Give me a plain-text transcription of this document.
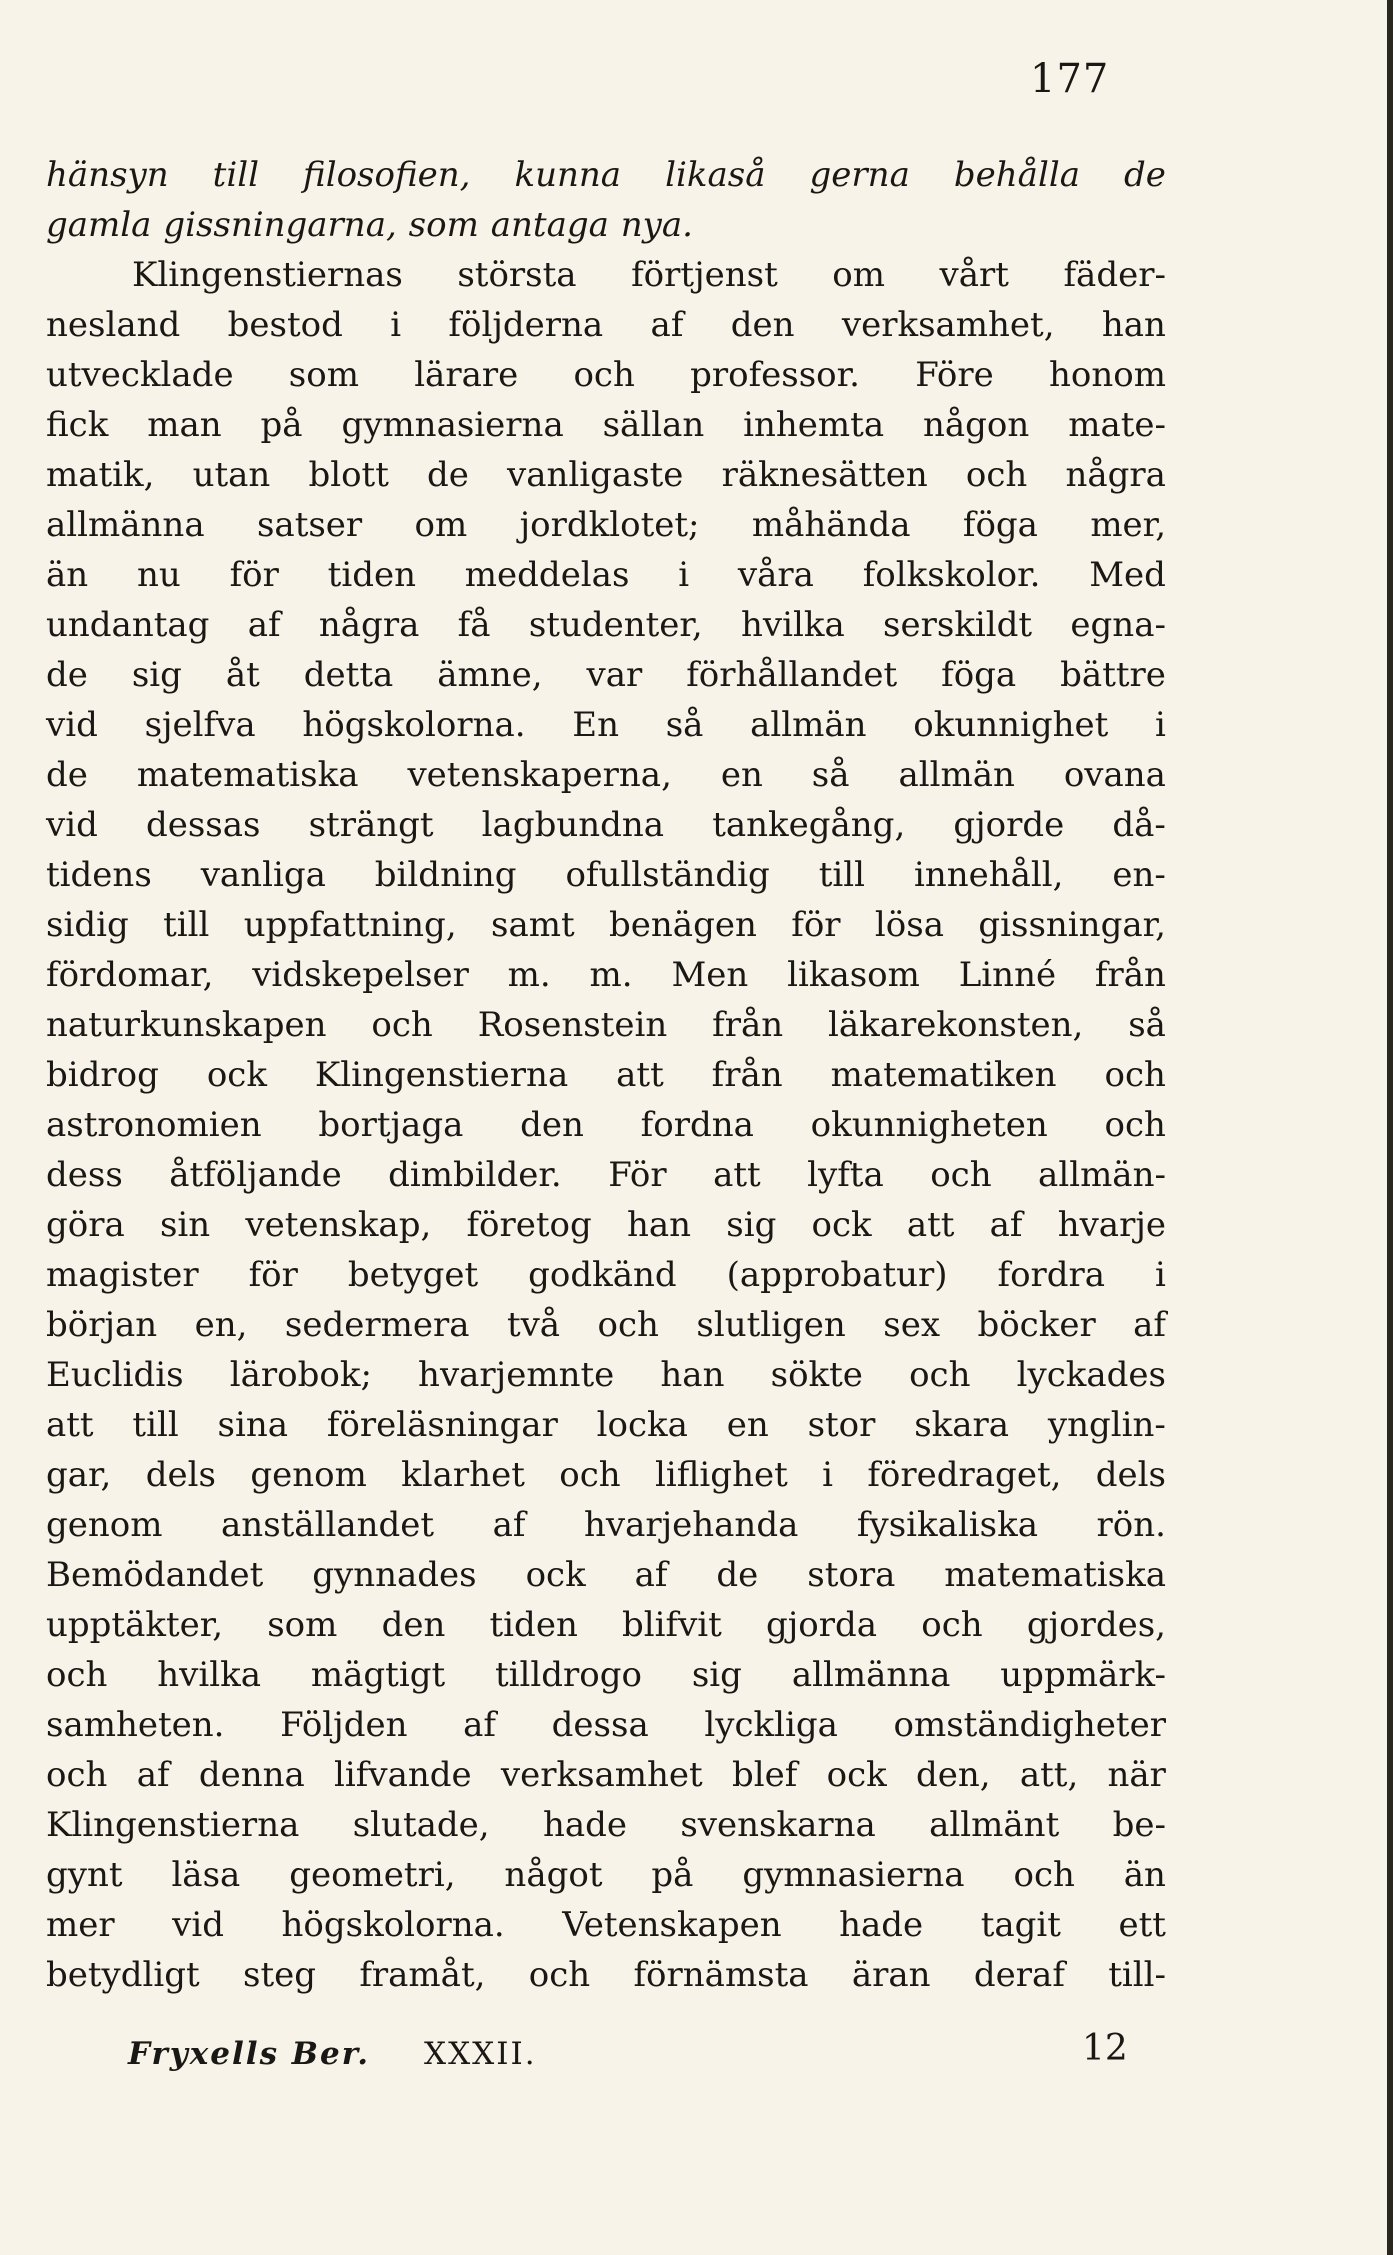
177
hänsyn till filosofien, kunna likaså gerna behålla de
gamla gissningarna, som antaga nya.
Klingenstiernas största förtjenst om vårt fäder-
nesland bestod i följderna af den verksamhet, han
utvecklade som lärare och professor. Före honom
fick man på gymnasierna sällan inhemta någon mate-
matik, utan blott de vanligaste räknesätten och några
allmänna satser om jordklotet; måhända föga mer,
än nu för tiden meddelas i våra folkskolor. Med
undantag af några få studenter, hvilka serskildt egna-
de sig åt detta ämne, var förhållandet föga bättre
vid sjelfva högskolorna. En så allmän okunnighet i
de matematiska vetenskaperna, en så allmän ovana
vid dessas strängt lagbundna tankegång, gjorde då-
tidens vanliga bildning ofullständig till innehåll, en-
sidig till uppfattning, samt benägen för lösa gissningar,
fördomar, vidskepelser m. m. Men likasom Linné från
naturkunskapen och Rosenstein från läkarekonsten, så
bidrog ock Klingenstierna att från matematiken och
astronomien bortjaga den fordna okunnigheten och
dess åtföljande dimbilder. För att lyfta och allmän-
göra sin vetenskap, företog han sig ock att af hvarje
magister för betyget godkänd (approbatur) fordra i
början en, sedermera två och slutligen sex böcker af
Euclidis lärobok; hvarjemnte han sökte och lyckades
att till sina föreläsningar locka en stor skara ynglin-
gar, dels genom klarhet och liflighet i föredraget, dels
genom anställandet af hvarjehanda fysikaliska rön.
Bemödandet gynnades ock af de stora matematiska
upptäkter, som den tiden blifvit gjorda och gjordes,
och hvilka mägtigt tilldrogo sig allmänna uppmärk-
samheten. Följden af dessa lyckliga omständigheter
och af denna lifvande verksamhet blef ock den, att, när
Klingenstierna slutade, hade svenskarna allmänt be-
gynt läsa geometri, något på gymnasierna och än
mer vid högskolorna. Vetenskapen hade tagit ett
betydligt steg framåt, och förnämsta äran deraf till-
Fryxells Ber. XXXII.	12
